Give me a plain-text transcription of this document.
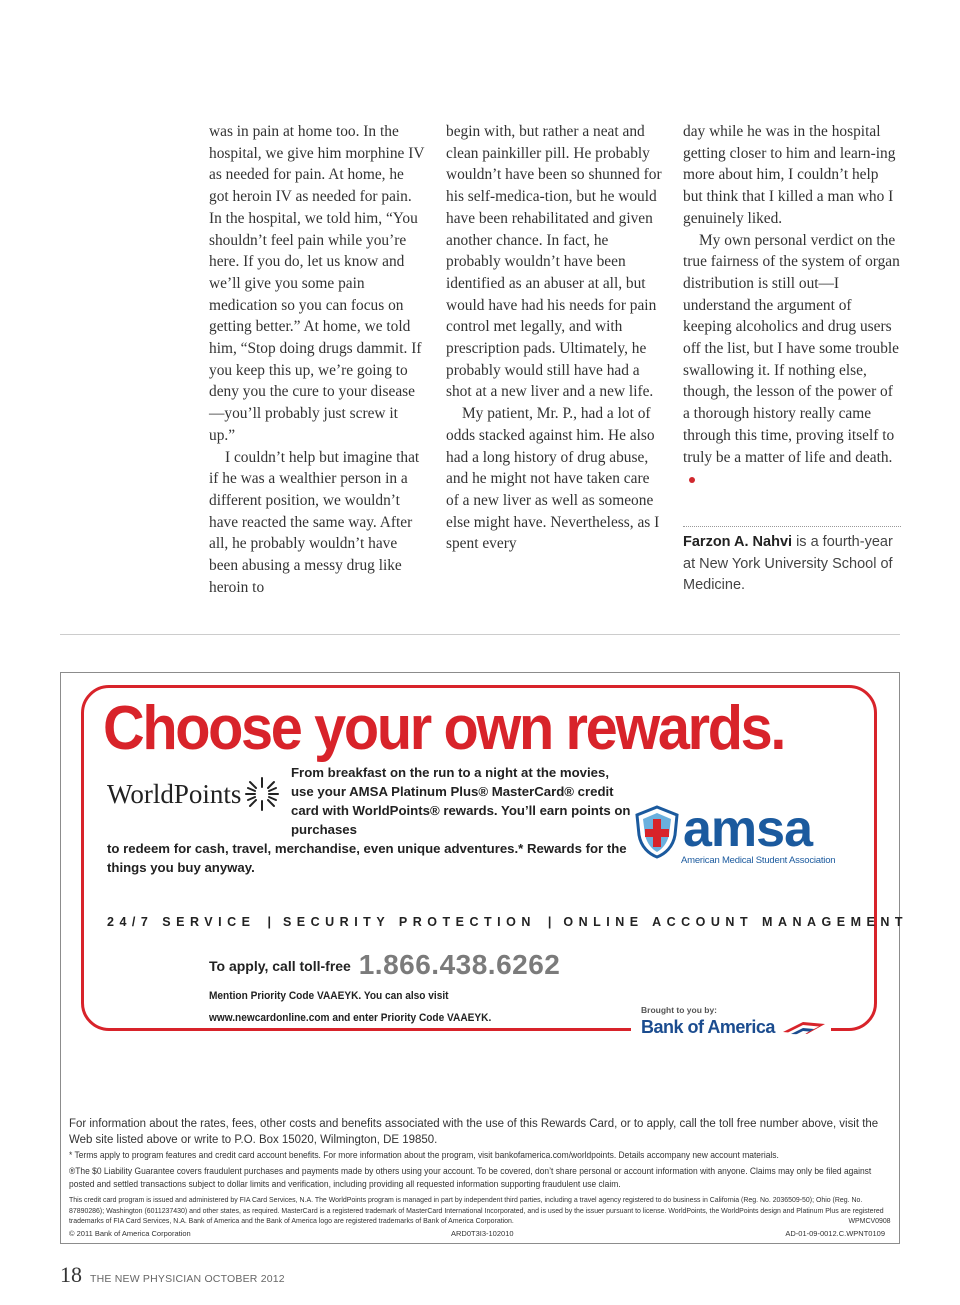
was in pain at home too. In the hospital, we give him morphine IV as needed for pain. At home, he got heroin IV as needed for pain. In the hospital, we told him, “You shouldn’t feel pain while you’re here. If you do, let us know and we’ll give you some pain medication so you can focus on getting better.” At home, we told him, “Stop doing drugs dammit. If you keep this up, we’re going to deny you the cure to your disease—you’ll probably just screw it up.”

I couldn’t help but imagine that if he was a wealthier person in a different position, we wouldn’t have reacted the same way. After all, he probably wouldn’t have been abusing a messy drug like heroin to

begin with, but rather a neat and clean painkiller pill. He probably wouldn’t have been so shunned for his self-medica-tion, but he would have been rehabilitated and given another chance. In fact, he probably wouldn’t have been identified as an abuser at all, but would have had his needs for pain control met legally, and with prescription pads. Ultimately, he probably would still have had a shot at a new liver and a new life.

My patient, Mr. P., had a lot of odds stacked against him. He also had a long history of drug abuse, and he might not have taken care of a new liver as well as someone else might have. Nevertheless, as I spent every

day while he was in the hospital getting closer to him and learn-ing more about him, I couldn’t help but think that I killed a man who I genuinely liked.

My own personal verdict on the true fairness of the system of organ distribution is still out—I understand the argument of keeping alcoholics and drug users off the list, but I have some trouble swallowing it. If nothing else, though, the lesson of the power of a thorough history really came through this time, proving itself to truly be a matter of life and death.

Farzon A. Nahvi is a fourth-year at New York University School of Medicine.
Choose your own rewards.
WorldPoints
From breakfast on the run to a night at the movies, use your AMSA Platinum Plus® MasterCard® credit card with WorldPoints® rewards. You’ll earn points on purchases
to redeem for cash, travel, merchandise, even unique adventures.* Rewards for the things you buy anyway.
amsa
American Medical Student Association
24/7 SERVICE | SECURITY PROTECTION | ONLINE ACCOUNT MANAGEMENT
To apply, call toll-free 1.866.438.6262
Mention Priority Code VAAEYK. You can also visit www.newcardonline.com and enter Priority Code VAAEYK.
Brought to you by:
Bank of America
For information about the rates, fees, other costs and benefits associated with the use of this Rewards Card, or to apply, call the toll free number above, visit the Web site listed above or write to P.O. Box 15020, Wilmington, DE 19850.
* Terms apply to program features and credit card account benefits. For more information about the program, visit bankofamerica.com/worldpoints. Details accompany new account materials.
®The $0 Liability Guarantee covers fraudulent purchases and payments made by others using your account. To be covered, don’t share personal or account information with anyone. Claims may only be filed against posted and settled transactions subject to dollar limits and verification, including providing all requested information supporting fraudulent use claim.
This credit card program is issued and administered by FIA Card Services, N.A. The WorldPoints program is managed in part by independent third parties, including a travel agency registered to do business in California (Reg. No. 2036509-50); Ohio (Reg. No. 87890286); Washington (6011237430) and other states, as required. MasterCard is a registered trademark of MasterCard International Incorporated, and is used by the issuer pursuant to license. WorldPoints, the WorldPoints design and Platinum Plus are registered trademarks of FIA Card Services, N.A. Bank of America and the Bank of America logo are registered trademarks of Bank of America Corporation.	WPMCV0908
© 2011 Bank of America Corporation	ARD0T3I3-102010	AD-01-09-0012.C.WPNT0109
18 THE NEW PHYSICIAN OCTOBER 2012
